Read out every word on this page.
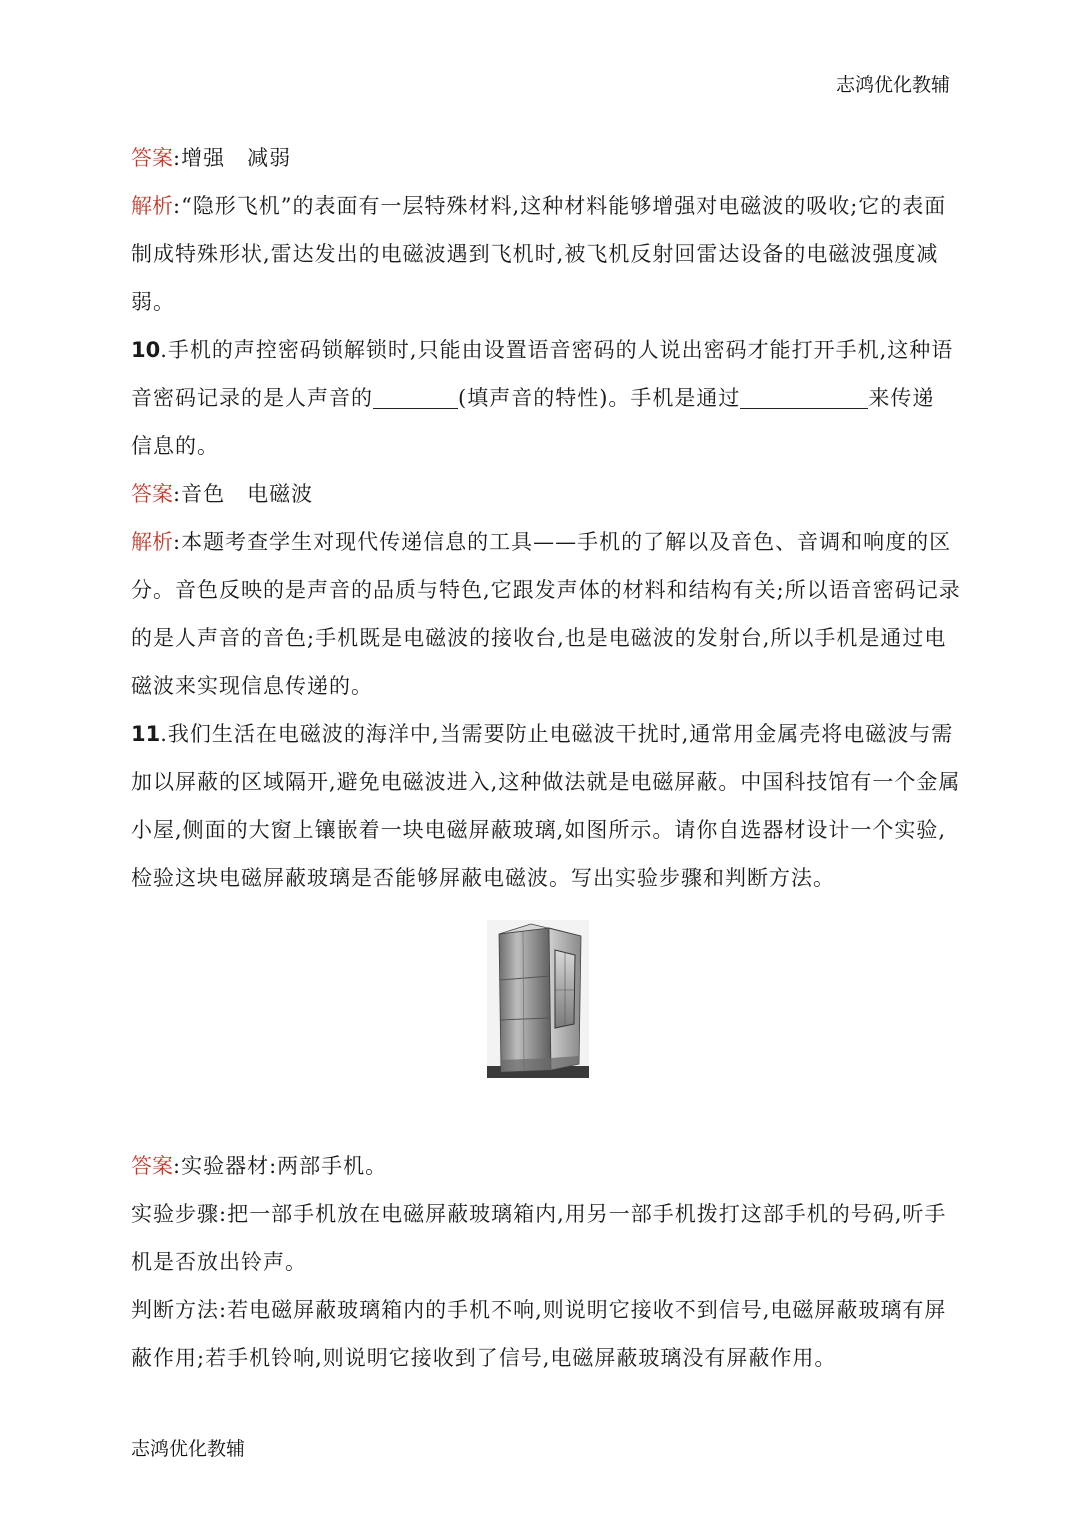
志鸿优化教辅

答案:增强　减弱

解析:“隐形飞机”的表面有一层特殊材料,这种材料能够增强对电磁波的吸收;它的表面

制成特殊形状,雷达发出的电磁波遇到飞机时,被飞机反射回雷达设备的电磁波强度减

弱。

10.手机的声控密码锁解锁时,只能由设置语音密码的人说出密码才能打开手机,这种语

音密码记录的是人声音的	(填声音的特性)。手机是通过	来传递

信息的。

答案:音色　电磁波

解析:本题考查学生对现代传递信息的工具——手机的了解以及音色、音调和响度的区

分。音色反映的是声音的品质与特色,它跟发声体的材料和结构有关;所以语音密码记录

的是人声音的音色;手机既是电磁波的接收台,也是电磁波的发射台,所以手机是通过电

磁波来实现信息传递的。

11.我们生活在电磁波的海洋中,当需要防止电磁波干扰时,通常用金属壳将电磁波与需

加以屏蔽的区域隔开,避免电磁波进入,这种做法就是电磁屏蔽。中国科技馆有一个金属

小屋,侧面的大窗上镶嵌着一块电磁屏蔽玻璃,如图所示。请你自选器材设计一个实验,

检验这块电磁屏蔽玻璃是否能够屏蔽电磁波。写出实验步骤和判断方法。

答案:实验器材:两部手机。

实验步骤:把一部手机放在电磁屏蔽玻璃箱内,用另一部手机拨打这部手机的号码,听手

机是否放出铃声。

判断方法:若电磁屏蔽玻璃箱内的手机不响,则说明它接收不到信号,电磁屏蔽玻璃有屏

蔽作用;若手机铃响,则说明它接收到了信号,电磁屏蔽玻璃没有屏蔽作用。

志鸿优化教辅
